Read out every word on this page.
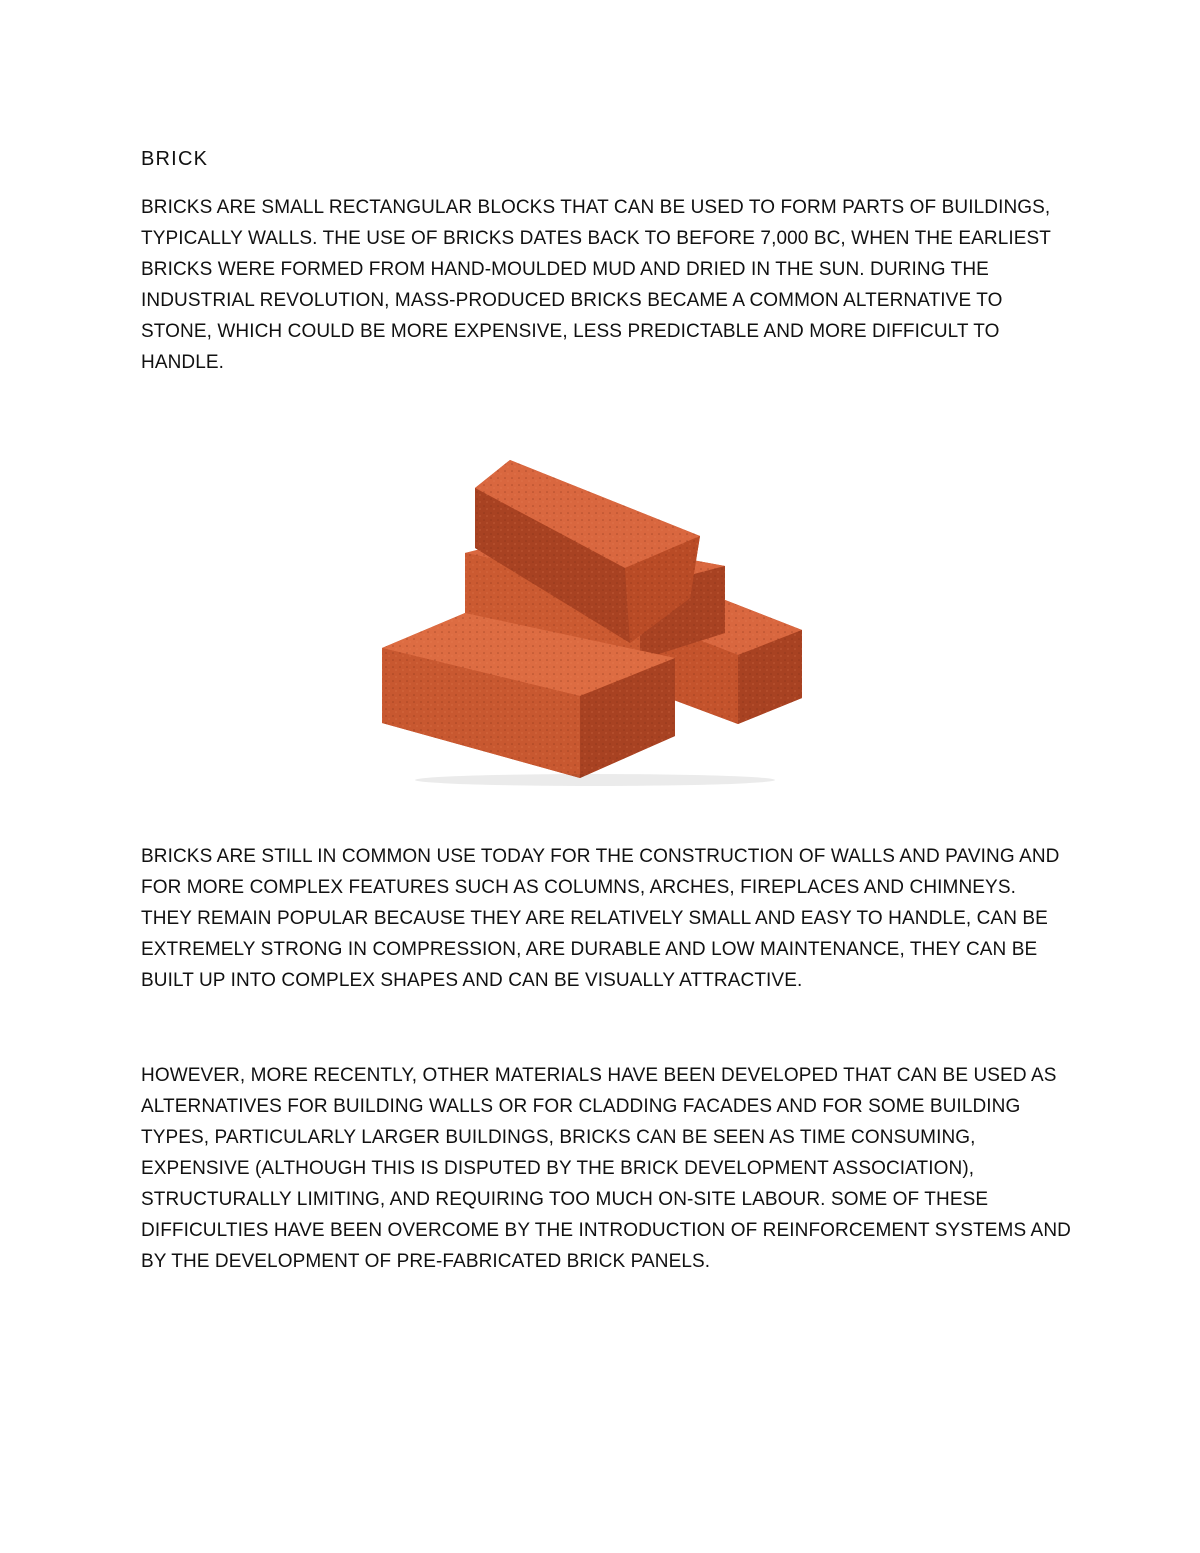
BRICK

BRICKS ARE SMALL RECTANGULAR BLOCKS THAT CAN BE USED TO FORM PARTS OF BUILDINGS, TYPICALLY WALLS. THE USE OF BRICKS DATES BACK TO BEFORE 7,000 BC, WHEN THE EARLIEST BRICKS WERE FORMED FROM HAND-MOULDED MUD AND DRIED IN THE SUN. DURING THE INDUSTRIAL REVOLUTION, MASS-PRODUCED BRICKS BECAME A COMMON ALTERNATIVE TO STONE, WHICH COULD BE MORE EXPENSIVE, LESS PREDICTABLE AND MORE DIFFICULT TO HANDLE.

BRICKS ARE STILL IN COMMON USE TODAY FOR THE CONSTRUCTION OF WALLS AND PAVING AND FOR MORE COMPLEX FEATURES SUCH AS COLUMNS, ARCHES, FIREPLACES AND CHIMNEYS. THEY REMAIN POPULAR BECAUSE THEY ARE RELATIVELY SMALL AND EASY TO HANDLE, CAN BE EXTREMELY STRONG IN COMPRESSION, ARE DURABLE AND LOW MAINTENANCE, THEY CAN BE BUILT UP INTO COMPLEX SHAPES AND CAN BE VISUALLY ATTRACTIVE.

HOWEVER, MORE RECENTLY, OTHER MATERIALS HAVE BEEN DEVELOPED THAT CAN BE USED AS ALTERNATIVES FOR BUILDING WALLS OR FOR CLADDING FACADES AND FOR SOME BUILDING TYPES, PARTICULARLY LARGER BUILDINGS, BRICKS CAN BE SEEN AS TIME CONSUMING, EXPENSIVE (ALTHOUGH THIS IS DISPUTED BY THE BRICK DEVELOPMENT ASSOCIATION), STRUCTURALLY LIMITING, AND REQUIRING TOO MUCH ON-SITE LABOUR. SOME OF THESE DIFFICULTIES HAVE BEEN OVERCOME BY THE INTRODUCTION OF REINFORCEMENT SYSTEMS AND BY THE DEVELOPMENT OF PRE-FABRICATED BRICK PANELS.
